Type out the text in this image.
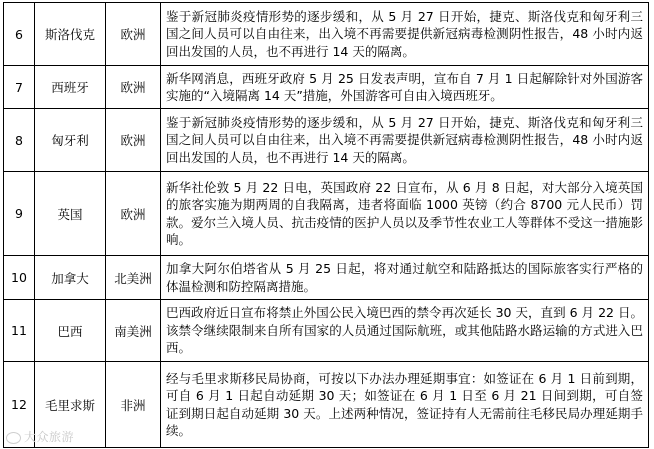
6	斯洛伐克	欧洲	鉴于新冠肺炎疫情形势的逐步缓和，从 5 月 27 日开始，捷克、斯洛伐克和匈牙利三国之间人员可以自由往来，出入境不再需要提供新冠病毒检测阴性报告，48 小时内返回出发国的人员，也不再进行 14 天的隔离。
7	西班牙	欧洲	新华网消息，西班牙政府 5 月 25 日发表声明，宣布自 7 月 1 日起解除针对外国游客实施的“入境隔离 14 天”措施，外国游客可自由入境西班牙。
8	匈牙利	欧洲	鉴于新冠肺炎疫情形势的逐步缓和，从 5 月 27 日开始，捷克、斯洛伐克和匈牙利三国之间人员可以自由往来，出入境不再需要提供新冠病毒检测阴性报告，48 小时内返回出发国的人员，也不再进行 14 天的隔离。
9	英国	欧洲	新华社伦敦 5 月 22 日电，英国政府 22 日宣布，从 6 月 8 日起，对大部分入境英国的旅客实施为期两周的自我隔离，违者将面临 1000 英镑（约合 8700 元人民币）罚款。爱尔兰入境人员、抗击疫情的医护人员以及季节性农业工人等群体不受这一措施影响。
10	加拿大	北美洲	加拿大阿尔伯塔省从 5 月 25 日起，将对通过航空和陆路抵达的国际旅客实行严格的体温检测和防控隔离措施。
11	巴西	南美洲	巴西政府近日宣布将禁止外国公民入境巴西的禁令再次延长 30 天，直到 6 月 22 日。该禁令继续限制来自所有国家的人员通过国际航班，或其他陆路水路运输的方式进入巴西。
12	毛里求斯	非洲	经与毛里求斯移民局协商，可按以下办法办理延期事宜：如签证在 6 月 1 日前到期，可自 6 月 1 日起自动延期 30 天；如签证在 6 月 1 日至 6 月 21 日间到期，可自签证到期日起自动延期 30 天。上述两种情况，签证持有人无需前往毛移民局办理延期手续。
大众旅游
